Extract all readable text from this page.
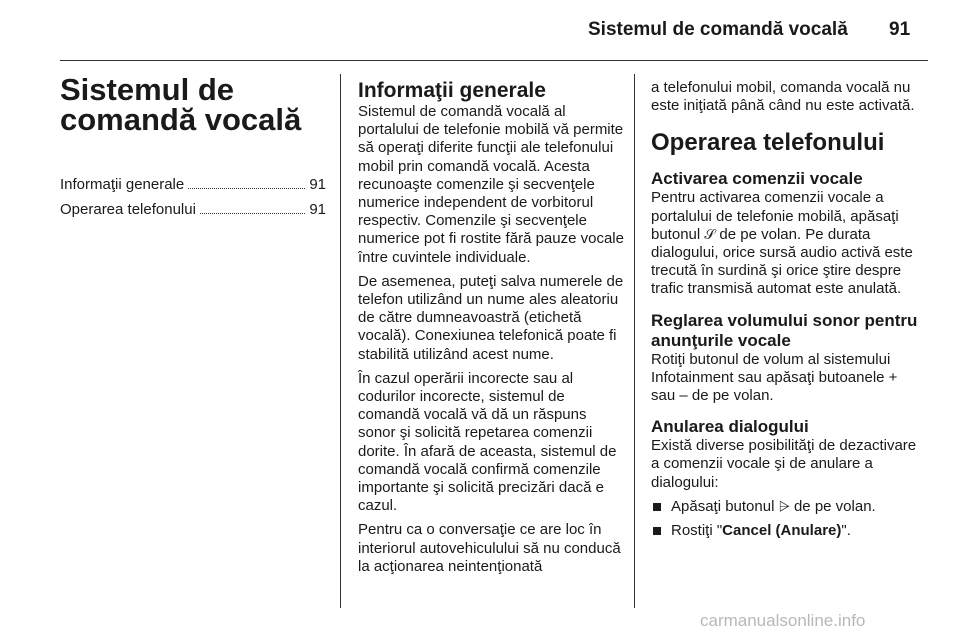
Sistemul de comandă vocală 91
Sistemul de comandă vocală
Informaţii generale	91
Operarea telefonului	91
Informaţii generale

Sistemul de comandă vocală al portalului de telefonie mobilă vă permite să operaţi diferite funcţii ale telefonului mobil prin comandă vocală. Acesta recunoaşte comenzile şi secvenţele numerice independent de vorbitorul respectiv. Comenzile şi secvenţele numerice pot fi rostite fără pauze vocale între cuvintele individuale.

De asemenea, puteţi salva numerele de telefon utilizând un nume ales aleatoriu de către dumneavoastră (etichetă vocală). Conexiunea telefonică poate fi stabilită utilizând acest nume.

În cazul operării incorecte sau al codurilor incorecte, sistemul de comandă vocală vă dă un răspuns sonor şi solicită repetarea comenzii dorite. În afară de aceasta, sistemul de comandă vocală confirmă comenzile importante şi solicită precizări dacă e cazul.

Pentru ca o conversaţie ce are loc în interiorul autovehiculului să nu conducă la acţionarea neintenţionată

a telefonului mobil, comanda vocală nu este iniţiată până când nu este activată.

Operarea telefonului
Activarea comenzii vocale

Pentru activarea comenzii vocale a portalului de telefonie mobilă, apăsaţi butonul 𝒮 de pe volan. Pe durata dialogului, orice sursă audio activă este trecută în surdină şi orice ştire despre trafic transmisă automat este anulată.

Reglarea volumului sonor pentru anunţurile vocale

Rotiţi butonul de volum al sistemului Infotainment sau apăsaţi butoanele + sau – de pe volan.

Anularea dialogului

Există diverse posibilităţi de dezactivare a comenzii vocale şi de anulare a dialogului:

Apăsaţi butonul ⩥ de pe volan.
Rostiţi "Cancel (Anulare)".
carmanualsonline.info
